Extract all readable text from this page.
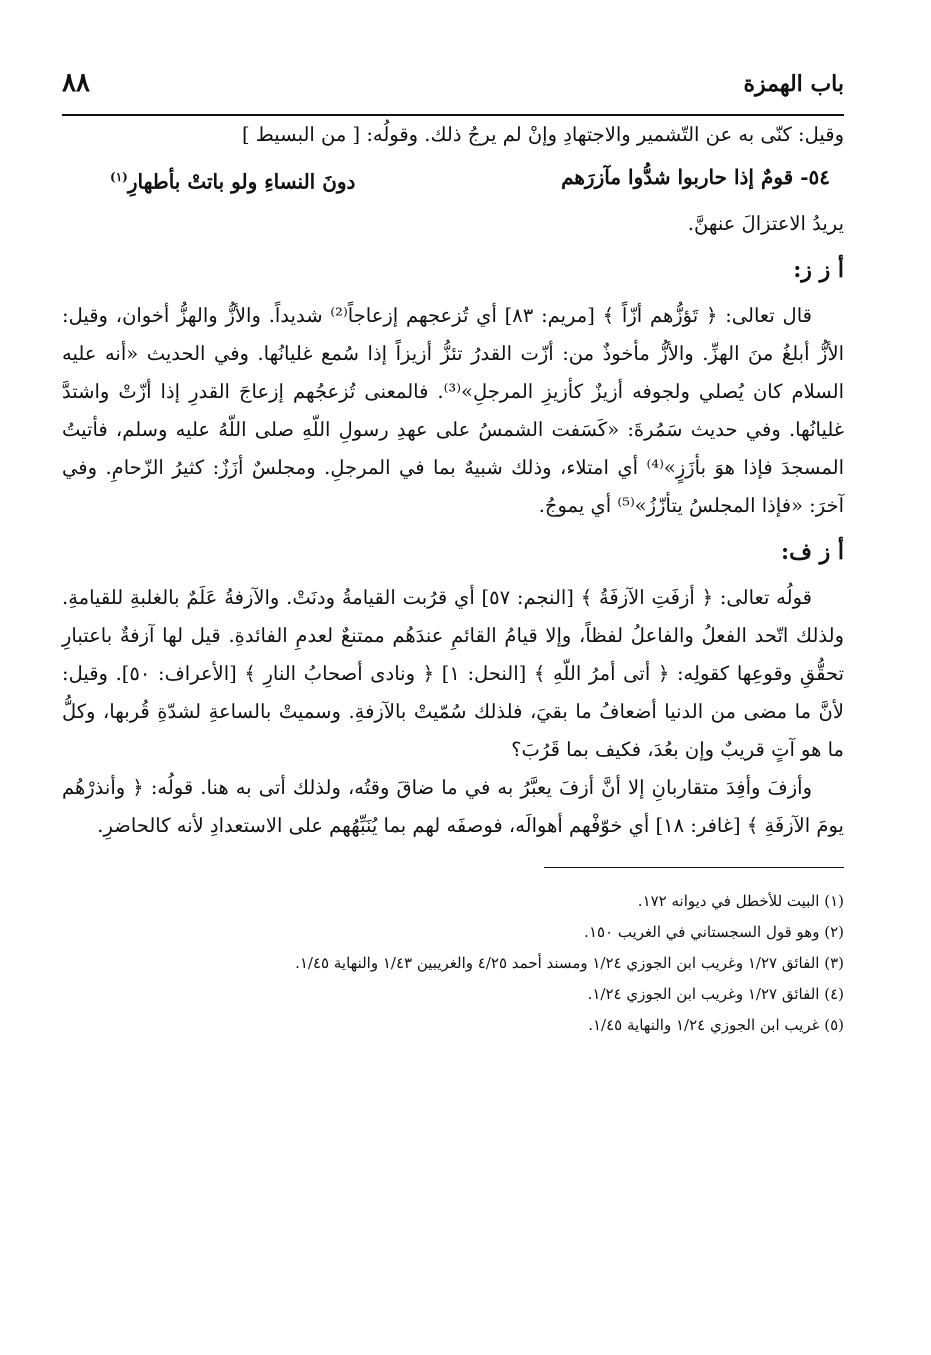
باب الهمزة
٨٨

وقيل: كنّى به عن التّشمير والاجتهادِ وإنْ لم يرجُ ذلك. وقولُه: [ من البسيط ]

٥٤- قومٌ إذا حاربوا شدُّوا مآزرَهم
دونَ النساءِ ولو باتتْ بأطهارِ$^{(١)}$

يريدُ الاعتزالَ عنهنَّ.

أ ز ز:

قال تعالى: ﴿ تَؤزُّهم أزّاً ﴾ [مريم: ٨٣] أي تُزعجهم إزعاجاً⁽²⁾ شديداً. والأزُّ والهزُّ أخوان، وقيل: الأزُّ أبلغُ منَ الهزِّ. والأزُّ مأخوذٌ من: أزّت القدرُ تئزُّ أزيزاً إذا سُمع غليانُها. وفي الحديث «أنه عليه السلام كان يُصلي ولجوفه أزيزٌ كأزيزِ المرجلِ»⁽³⁾. فالمعنى تُزعجُهم إزعاجَ القدرِ إذا أزّتْ واشتدَّ غليانُها. وفي حديث سَمُرةَ: «كَسَفت الشمسُ على عهدِ رسولِ اللّهِ صلى اللّهُ عليه وسلم، فأتيتُ المسجدَ فإذا هوَ بأزَزٍ»⁽⁴⁾ أي امتلاء، وذلك شبيهٌ بما في المرجلِ. ومجلسٌ أزَزٌ: كثيرُ الزّحامِ. وفي آخرَ: «فإذا المجلسُ يتأزّزُ»⁽⁵⁾ أي يموجُ.

أ ز ف:

قولُه تعالى: ﴿ أزفَتِ الآزفَةُ ﴾ [النجم: ٥٧] أي قرُبت القيامةُ ودنَتْ. والآزفةُ عَلَمٌ بالغلبةِ للقيامةِ. ولذلك اتّحد الفعلُ والفاعلُ لفظاً، وإلا قيامُ القائمِ عندَهُم ممتنعٌ لعدمِ الفائدةِ. قيل لها آزفةٌ باعتبارِ تحقُّقِ وقوعِها كقولِه: ﴿ أتى أمرُ اللّهِ ﴾ [النحل: ١] ﴿ ونادى أصحابُ النارِ ﴾ [الأعراف: ٥٠]. وقيل: لأنَّ ما مضى من الدنيا أضعافُ ما بقيَ، فلذلك سُمّيتْ بالآزفةِ. وسميتْ بالساعةِ لشدّةِ قُربها، وكلُّ ما هو آتٍ قريبٌ وإن بعُدَ، فكيف بما قَرُبَ؟

وأزفَ وأفِدَ متقاربانِ إلا أنَّ أزفَ يعبَّرُ به في ما ضاقَ وقتُه، ولذلك أتى به هنا. قولُه: ﴿ وأنذرْهُم يومَ الآزفَةِ ﴾ [غافر: ١٨] أي خوّفْهم أهوالَه، فوصفَه لهم بما يُنَبِّهُهم على الاستعدادِ لأنه كالحاضرِ.

(١) البيت للأخطل في ديوانه ١٧٢.
(٢) وهو قول السجستاني في الغريب ١٥٠.
(٣) الفائق ١/٢٧ وغريب ابن الجوزي ١/٢٤ ومسند أحمد ٤/٢٥ والغريبين ١/٤٣ والنهاية ١/٤٥.
(٤) الفائق ١/٢٧ وغريب ابن الجوزي ١/٢٤.
(٥) غريب ابن الجوزي ١/٢٤ والنهاية ١/٤٥.
